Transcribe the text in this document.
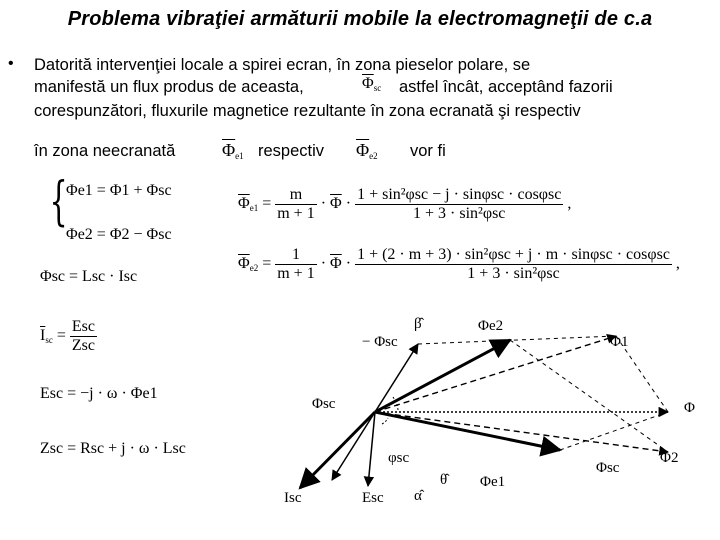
Problema vibraţiei armăturii mobile la electromagneţii de c.a
• Datorită intervenţiei locale a spirei ecran, în zona pieselor polare, se
manifestă un flux produs de aceasta,	$\overline{\Phi}_{sc}$ astfel încât, acceptând fazorii
corespunzători, fluxurile magnetice rezultante în zona ecranată şi respectiv
în zona neecranată	$\overline{\Phi}_{e1}$ respectiv $\overline{\Phi}_{e2}$ vor fi
{
Φe1 = Φ1 + Φsc
Φe2 = Φ2 − Φsc
Φsc = Lsc · Isc
$\overline{I}_{sc} = \frac{\text{Esc}}{\text{Zsc}}$
Esc = −j · ω · Φe1
Zsc = Rsc + j · ω · Lsc
$\overline{\Phi}_{e1} = \frac{m}{m + 1} \cdot \overline{\Phi} \cdot \frac{\text{1 + sin²φsc − j · sinφsc · cosφsc}}{\text{1 + 3 · sin²φsc}}$ ,
$\overline{\Phi}_{e2} = \frac{1}{m + 1} \cdot \overline{\Phi} \cdot \frac{\text{1 + (2 · m + 3) · sin²φsc + j · m · sinφsc · cosφsc}}{\text{1 + 3 · sin²φsc}}$ ,
− Φsc
β̂	Φe2
Φ1
Φsc	Φ
φsc
Φsc
Φ2
Isc	Esc α̂
θ̂ Φe1
